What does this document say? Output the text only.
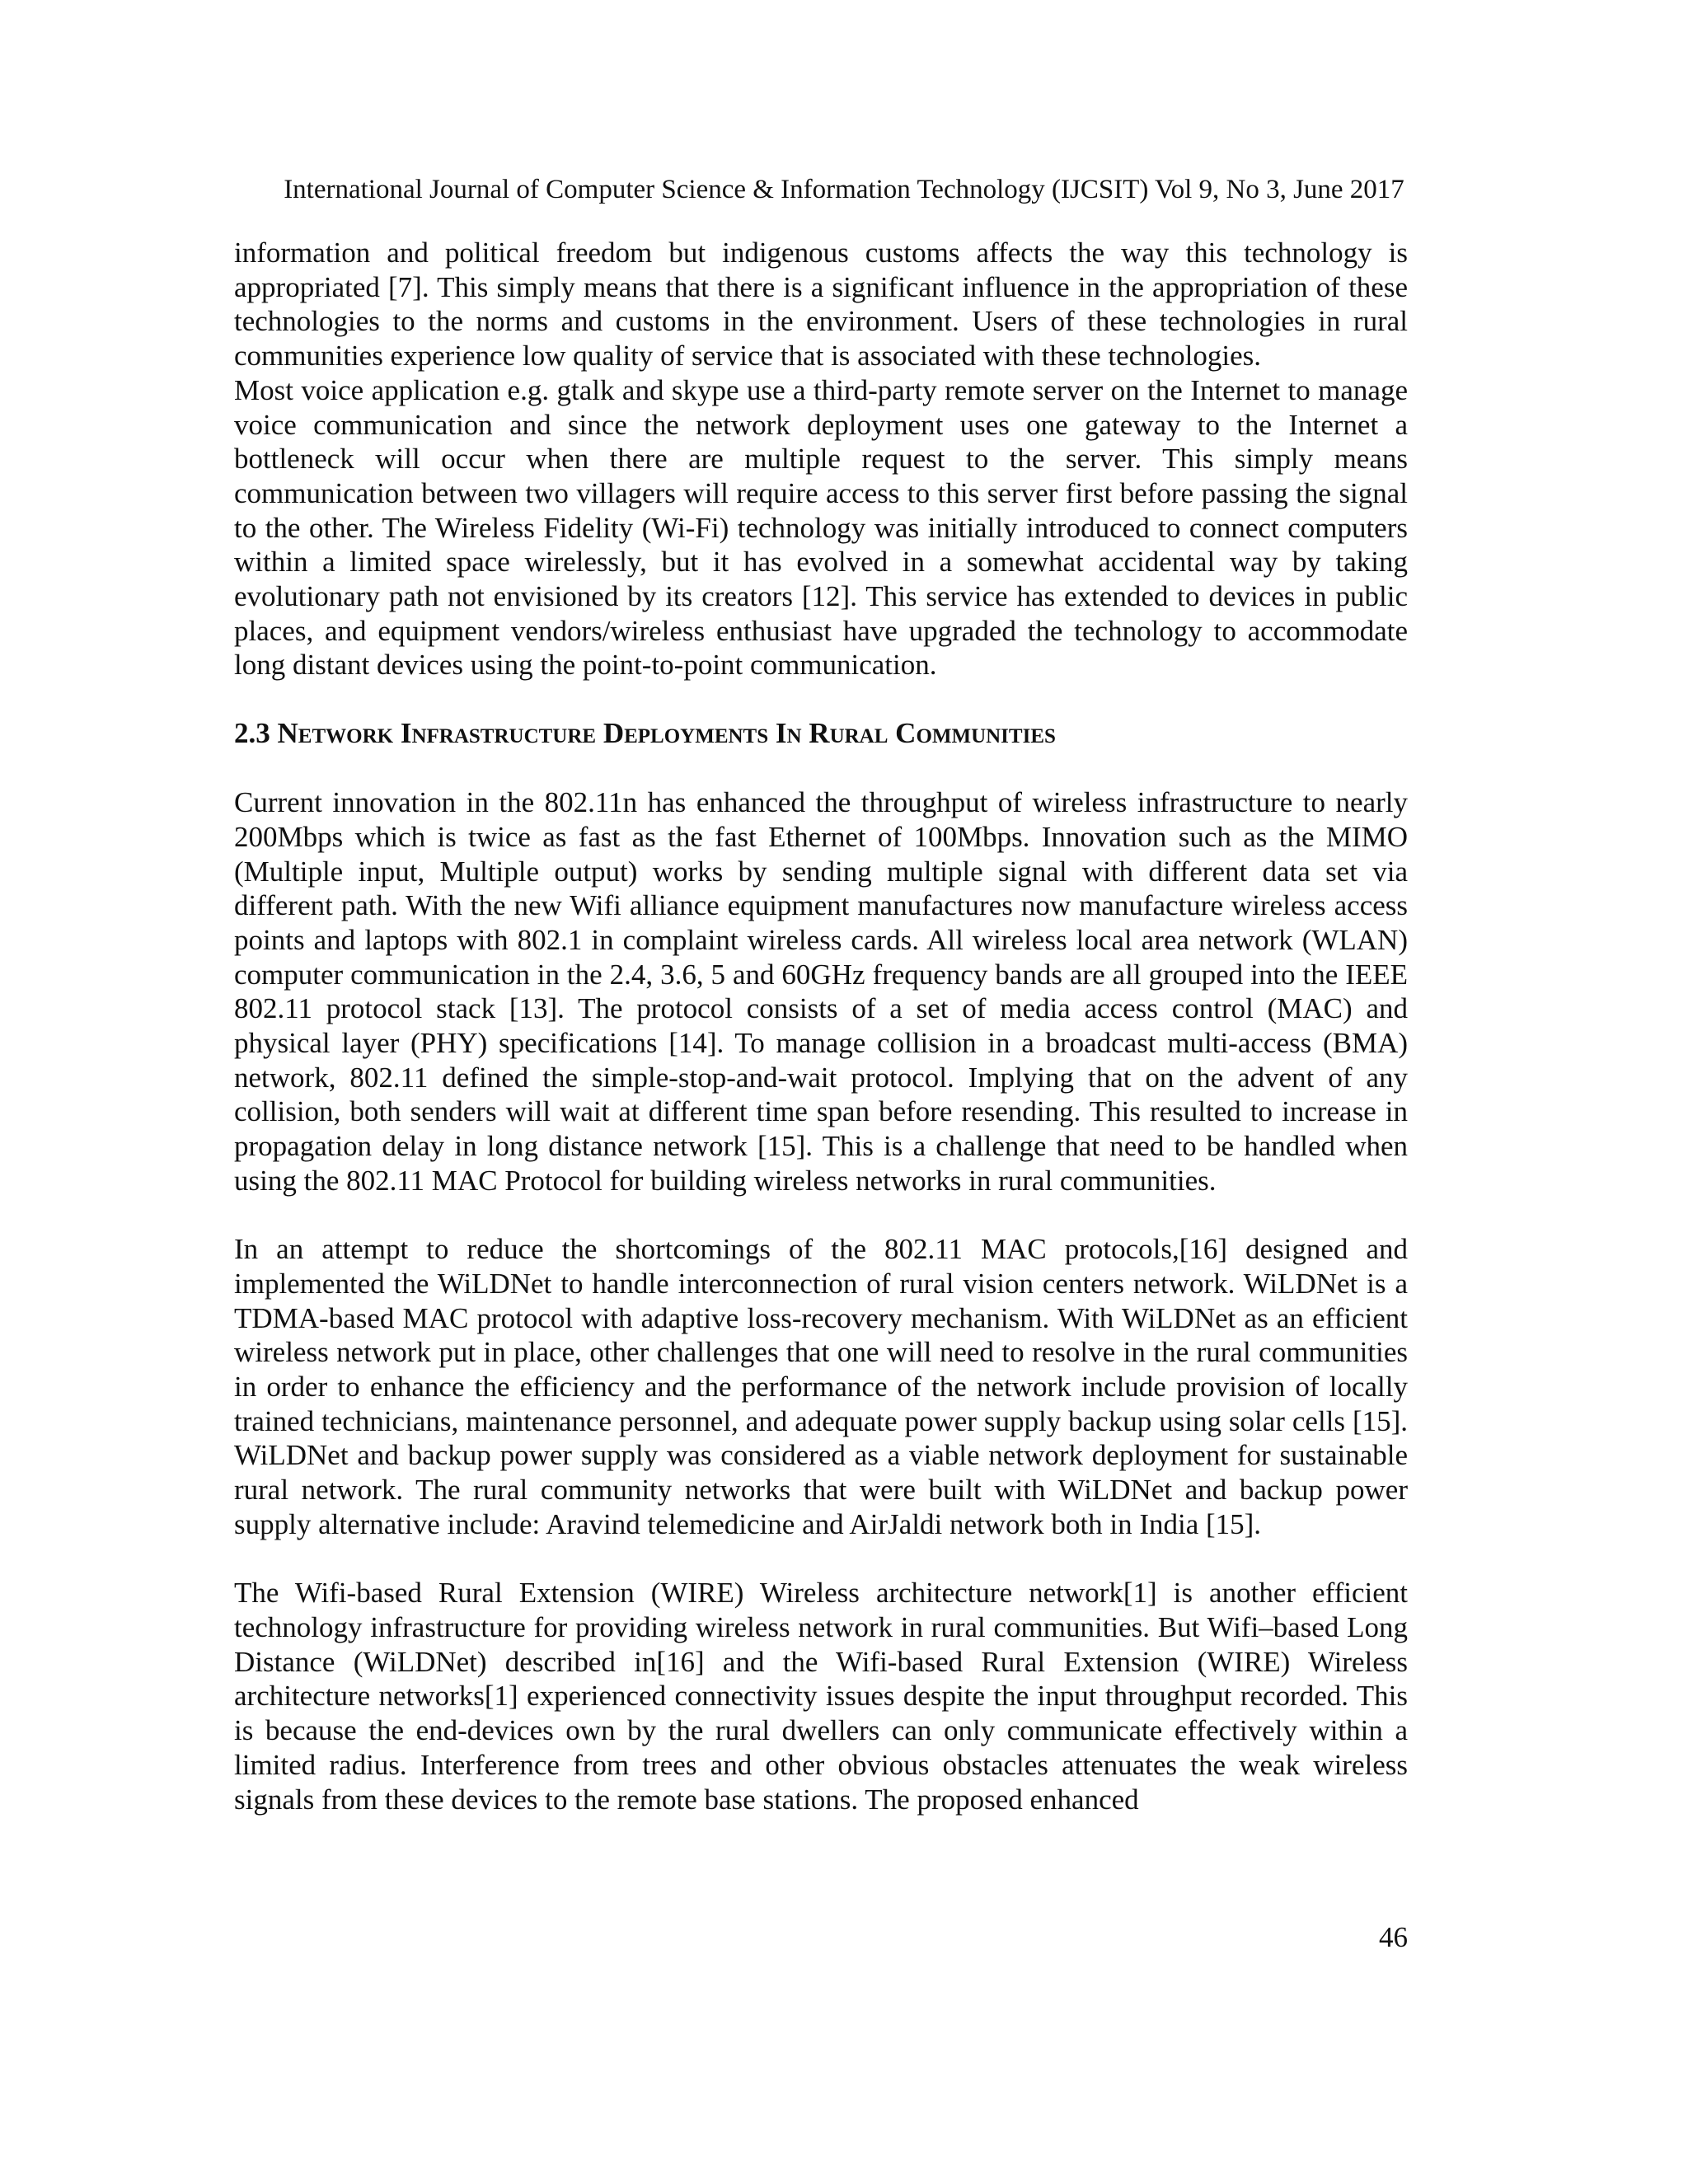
International Journal of Computer Science & Information Technology (IJCSIT) Vol 9, No 3, June 2017

information and political freedom but indigenous customs affects the way this technology is appropriated [7]. This simply means that there is a significant influence in the appropriation of these technologies to the norms and customs in the environment. Users of these technologies in rural communities experience low quality of service that is associated with these technologies.

Most voice application e.g. gtalk and skype use a third-party remote server on the Internet to manage voice communication and since the network deployment uses one gateway to the Internet a bottleneck will occur when there are multiple request to the server. This simply means communication between two villagers will require access to this server first before passing the signal to the other. The Wireless Fidelity (Wi-Fi) technology was initially introduced to connect computers within a limited space wirelessly, but it has evolved in a somewhat accidental way by taking evolutionary path not envisioned by its creators [12]. This service has extended to devices in public places, and equipment vendors/wireless enthusiast have upgraded the technology to accommodate long distant devices using the point-to-point communication.

2.3 Network Infrastructure Deployments In Rural Communities

Current innovation in the 802.11n has enhanced the throughput of wireless infrastructure to nearly 200Mbps which is twice as fast as the fast Ethernet of 100Mbps. Innovation such as the MIMO (Multiple input, Multiple output) works by sending multiple signal with different data set via different path. With the new Wifi alliance equipment manufactures now manufacture wireless access points and laptops with 802.1 in complaint wireless cards. All wireless local area network (WLAN) computer communication in the 2.4, 3.6, 5 and 60GHz frequency bands are all grouped into the IEEE 802.11 protocol stack [13]. The protocol consists of a set of media access control (MAC) and physical layer (PHY) specifications [14]. To manage collision in a broadcast multi-access (BMA) network, 802.11 defined the simple-stop-and-wait protocol. Implying that on the advent of any collision, both senders will wait at different time span before resending. This resulted to increase in propagation delay in long distance network [15]. This is a challenge that need to be handled when using the 802.11 MAC Protocol for building wireless networks in rural communities.

In an attempt to reduce the shortcomings of the 802.11 MAC protocols,[16] designed and implemented the WiLDNet to handle interconnection of rural vision centers network. WiLDNet is a TDMA-based MAC protocol with adaptive loss-recovery mechanism. With WiLDNet as an efficient wireless network put in place, other challenges that one will need to resolve in the rural communities in order to enhance the efficiency and the performance of the network include provision of locally trained technicians, maintenance personnel, and adequate power supply backup using solar cells [15]. WiLDNet and backup power supply was considered as a viable network deployment for sustainable rural network. The rural community networks that were built with WiLDNet and backup power supply alternative include: Aravind telemedicine and AirJaldi network both in India [15].

The Wifi-based Rural Extension (WIRE) Wireless architecture network[1] is another efficient technology infrastructure for providing wireless network in rural communities. But Wifi–based Long Distance (WiLDNet) described in[16] and the Wifi-based Rural Extension (WIRE) Wireless architecture networks[1] experienced connectivity issues despite the input throughput recorded. This is because the end-devices own by the rural dwellers can only communicate effectively within a limited radius. Interference from trees and other obvious obstacles attenuates the weak wireless signals from these devices to the remote base stations. The proposed enhanced

46
